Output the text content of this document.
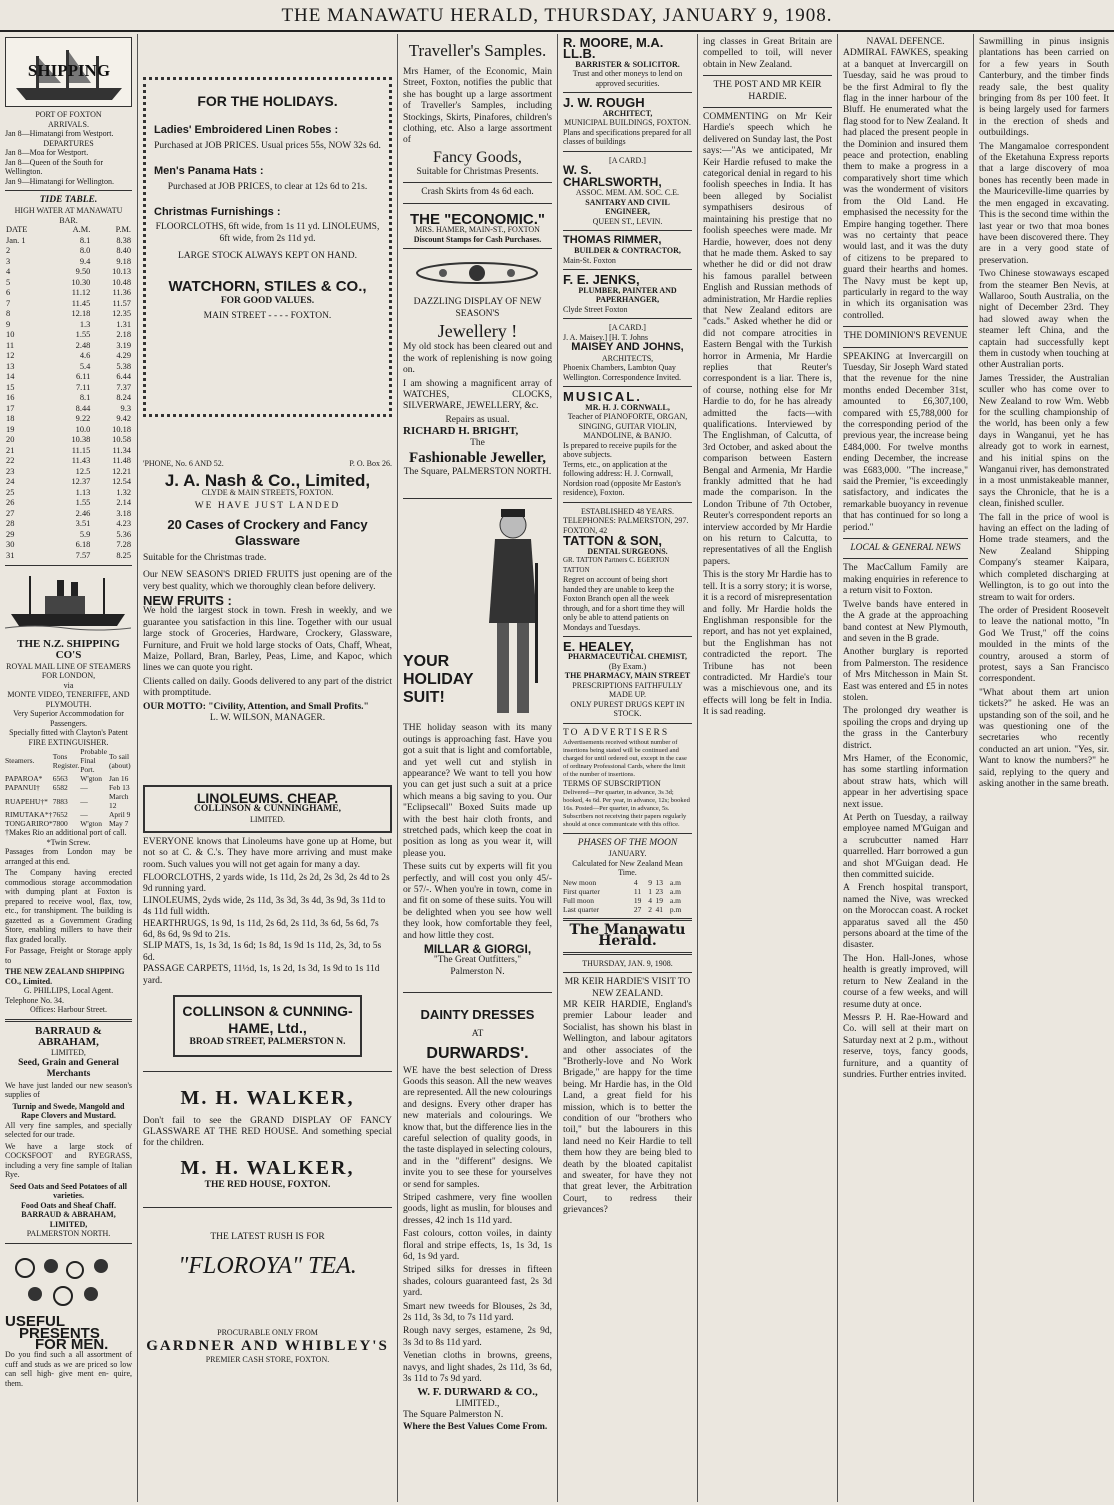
THE MANAWATU HERALD, THURSDAY, JANUARY 9, 1908.
SHIPPING
PORT OF FOXTON
ARRIVALS.
Jan 8—Himatangi from Westport.
DEPARTURES
Jan 8—Moa for Westport.
Jan 8—Queen of the South for Wellington.
Jan 9—Himatangi for Wellington.
TIDE TABLE.
HIGH WATER AT MANAWATU BAR.
DATE	A.M.	P.M.
Jan. 1	8.1	8.38
2	8.0	8.40
3	9.4	9.18
4	9.50	10.13
5	10.30	10.48
6	11.12	11.36
7	11.45	11.57
8	12.18	12.35
9	1.3	1.31
10	1.55	2.18
11	2.48	3.19
12	4.6	4.29
13	5.4	5.38
14	6.11	6.44
15	7.11	7.37
16	8.1	8.24
17	8.44	9.3
18	9.22	9.42
19	10.0	10.18
20	10.38	10.58
21	11.15	11.34
22	11.43	11.48
23	12.5	12.21
24	12.37	12.54
25	1.13	1.32
26	1.55	2.14
27	2.46	3.18
28	3.51	4.23
29	5.9	5.36
30	6.18	7.28
31	7.57	8.25
THE N.Z. SHIPPING CO'S
ROYAL MAIL LINE OF STEAMERS FOR LONDON,
via
MONTE VIDEO, TENERIFFE, AND PLYMOUTH.
Very Superior Accommodation for Passengers.
Specially fitted with Clayton's Patent FIRE EXTINGUISHER.
Steamers.	Tons Register.	Probable Final Port.	To sail (about)
PAPAROA*	6563	W'gton	Jan 16
PAPANUI†	6582	—	Feb 13
RUAPEHU†*	7883	—	March 12
RIMUTAKA*†	7652	—	April 9
TONGARIRO*	7800	W'gton	May 7
†Makes Rio an additional port of call.
*Twin Screw.

Passages from London may be arranged at this end.

The Company having erected commodious storage accommodation with dumping plant at Foxton is prepared to receive wool, flax, tow, etc., for transhipment. The building is gazetted as a Government Grading Store, enabling millers to have their flax graded locally.

For Passage, Freight or Storage apply to

THE NEW ZEALAND SHIPPING CO., Limited.
G. PHILLIPS, Local Agent.
Telephone No. 34.
Offices: Harbour Street.
BARRAUD & ABRAHAM,
LIMITED,
Seed, Grain and General Merchants

We have just landed our new season's supplies of

Turnip and Swede, Mangold and Rape Clovers and Mustard.

All very fine samples, and specially selected for our trade.

We have a large stock of COCKSFOOT and RYEGRASS, including a very fine sample of Italian Rye.

Seed Oats and Seed Potatoes of all varieties.
Food Oats and Sheaf Chaff.
BARRAUD & ABRAHAM, LIMITED,
PALMERSTON NORTH.
USEFUL
PRESENTS
FOR MEN.

Do you find such a all assortment of cuff and studs as we are priced so low can sell high- give ment en- quire, them.

FOR THE HOLIDAYS.
Ladies' Embroidered Linen Robes :
Purchased at JOB PRICES. Usual prices 55s, NOW 32s 6d.
Men's Panama Hats :
Purchased at JOB PRICES, to clear at 12s 6d to 21s.
Christmas Furnishings :
FLOORCLOTHS, 6ft wide, from 1s 11 yd. LINOLEUMS, 6ft wide, from 2s 11d yd.
LARGE STOCK ALWAYS KEPT ON HAND.
WATCHORN, STILES & CO.,
FOR GOOD VALUES.
MAIN STREET - - - - FOXTON.
'PHONE, No. 6 AND 52.	P. O. Box 26.
J. A. Nash & Co., Limited,
CLYDE & MAIN STREETS, FOXTON.
WE HAVE JUST LANDED
20 Cases of Crockery and Fancy Glassware
Suitable for the Christmas trade.

Our NEW SEASON'S DRIED FRUITS just opening are of the very best quality, which we thoroughly clean before delivery.

NEW FRUITS :

We hold the largest stock in town. Fresh in weekly, and we guarantee you satisfaction in this line. Together with our usual large stock of Groceries, Hardware, Crockery, Glassware, Furniture, and Fruit we hold large stocks of Oats, Chaff, Wheat, Maize, Pollard, Bran, Barley, Peas, Lime, and Kapoc, which lines we can quote you right.

Clients called on daily. Goods delivered to any part of the district with promptitude.

OUR MOTTO: "Civility, Attention, and Small Profits."
L. W. WILSON, MANAGER.
LINOLEUMS. CHEAP.
COLLINSON & CUNNINGHAME,
LIMITED.

EVERYONE knows that Linoleums have gone up at Home, but not so at C. & C.'s. They have more arriving and must make room. Such values you will not get again for many a day.

FLOORCLOTHS, 2 yards wide, 1s 11d, 2s 2d, 2s 3d, 2s 4d to 2s 9d running yard.
LINOLEUMS, 2yds wide, 2s 11d, 3s 3d, 3s 4d, 3s 9d, 3s 11d to 4s 11d full width.
HEARTHRUGS, 1s 9d, 1s 11d, 2s 6d, 2s 11d, 3s 6d, 5s 6d, 7s 6d, 8s 6d, 9s 9d to 21s.
SLIP MATS, 1s, 1s 3d, 1s 6d; 1s 8d, 1s 9d 1s 11d, 2s, 3d, to 5s 6d.
PASSAGE CARPETS, 11½d, 1s, 1s 2d, 1s 3d, 1s 9d to 1s 11d yard.
COLLINSON & CUNNING-HAME, Ltd.,
BROAD STREET, PALMERSTON N.
M. H. WALKER,

Don't fail to see the GRAND DISPLAY OF FANCY GLASSWARE AT THE RED HOUSE. And something special for the children.

M. H. WALKER,
THE RED HOUSE, FOXTON.
THE LATEST RUSH IS FOR
"FLOROYA" TEA.
PROCURABLE ONLY FROM
GARDNER AND WHIBLEY'S
PREMIER CASH STORE, FOXTON.
Traveller's Samples.

Mrs Hamer, of the Economic, Main Street, Foxton, notifies the public that she has bought up a large assortment of Traveller's Samples, including Stockings, Skirts, Pinafores, children's clothing, etc. Also a large assortment of

Fancy Goods,
Suitable for Christmas Presents.
Crash Skirts from 4s 6d each.
THE "ECONOMIC."
MRS. HAMER, MAIN-ST., FOXTON
Discount Stamps for Cash Purchases.
DAZZLING DISPLAY OF NEW SEASON'S
Jewellery !

My old stock has been cleared out and the work of replenishing is now going on.

I am showing a magnificent array of WATCHES, CLOCKS, SILVERWARE, JEWELLERY, &c.

Repairs as usual.
RICHARD H. BRIGHT,
The
Fashionable Jeweller,
The Square, PALMERSTON NORTH.
YOUR HOLIDAY SUIT!

THE holiday season with its many outings is approaching fast. Have you got a suit that is light and comfortable, and yet well cut and stylish in appearance? We want to tell you how you can get just such a suit at a price which means a big saving to you. Our "Eclipsecall" Boxed Suits made up with the best hair cloth fronts, and stretched pads, which keep the coat in position as long as you wear it, will please you.

These suits cut by experts will fit you perfectly, and will cost you only 45/- or 57/-. When you're in town, come in and fit on some of these suits. You will be delighted when you see how well they look, how comfortable they feel, and how little they cost.

MILLAR & GIORGI,
"The Great Outfitters,"
Palmerston N.
DAINTY DRESSES
AT
DURWARDS'.

WE have the best selection of Dress Goods this season. All the new weaves are represented. All the new colourings and designs. Every other draper has new materials and colourings. We know that, but the difference lies in the careful selection of quality goods, in the taste displayed in selecting colours, and in the "different" designs. We invite you to see these for yourselves or send for samples.

Striped cashmere, very fine woollen goods, light as muslin, for blouses and dresses, 42 inch 1s 11d yard.

Fast colours, cotton voiles, in dainty floral and stripe effects, 1s, 1s 3d, 1s 6d, 1s 9d yard.

Striped silks for dresses in fifteen shades, colours guaranteed fast, 2s 3d yard.

Smart new tweeds for Blouses, 2s 3d, 2s 11d, 3s 3d, to 7s 11d yard.

Rough navy serges, estamene, 2s 9d, 3s 3d to 8s 11d yard.

Venetian cloths in browns, greens, navys, and light shades, 2s 11d, 3s 6d, 3s 11d to 7s 9d yard.

W. F. DURWARD & CO.,
LIMITED.,
The Square Palmerston N.
Where the Best Values Come From.
R. MOORE, M.A. LL.B.
BARRISTER & SOLICITOR.
Trust and other moneys to lend on approved securities.
J. W. ROUGH
ARCHITECT,
MUNICIPAL BUILDINGS, FOXTON.
Plans and specifications prepared for all classes of buildings
[A CARD.]
W. S. CHARLSWORTH,
ASSOC. MEM. AM. SOC. C.E.
SANITARY AND CIVIL ENGINEER,
QUEEN ST., LEVIN.
THOMAS RIMMER,
BUILDER & CONTRACTOR,
Main-St. Foxton
F. E. JENKS,
PLUMBER, PAINTER AND PAPERHANGER,
Clyde Street Foxton
[A CARD.]
J. A. Maisey.] [H. T. Johns
MAISEY AND JOHNS,
ARCHITECTS,
Phoenix Chambers, Lambton Quay Wellington. Correspondence Invited.
MUSICAL.
MR. H. J. CORNWALL,
Teacher of PIANOFORTE, ORGAN, SINGING, GUITAR VIOLIN, MANDOLINE, & BANJO.
Is prepared to receive pupils for the above subjects.
Terms, etc., on application at the following address: H. J. Cornwall, Nordsion road (opposite Mr Easton's residence), Foxton.
ESTABLISHED 48 YEARS.
TELEPHONES: PALMERSTON, 297. FOXTON, 42
TATTON & SON,
DENTAL SURGEONS.
GR. TATTON Partners C. EGERTON TATTON
Regret on account of being short handed they are unable to keep the Foxton Branch open all the week through, and for a short time they will only be able to attend patients on Mondays and Tuesdays.
E. HEALEY,
PHARMACEUTICAL CHEMIST,
(By Exam.)
THE PHARMACY, MAIN STREET
PRESCRIPTIONS FAITHFULLY MADE UP.
ONLY PUREST DRUGS KEPT IN STOCK.
TO ADVERTISERS
Advertisements received without number of insertions being stated will be continued and charged for until ordered out, except in the case of ordinary Professional Cards, where the limit of the number of insertions.
TERMS OF SUBSCRIPTION
Delivered—Per quarter, in advance, 3s 3d; booked, 4s 6d. Per year, in advance, 12s; booked 16s. Posted—Per quarter, in advance, 5s.
Subscribers not receiving their papers regularly should at once communicate with this office.
PHASES OF THE MOON
JANUARY.
Calculated for New Zealand Mean Time.
New moon	4	9	13	a.m
First quarter	11	1	23	a.m
Full moon	19	4	19	a.m
Last quarter	27	2	41	p.m
The Manawatu Herald.
THURSDAY, JAN. 9, 1908.
MR KEIR HARDIE'S VISIT TO NEW ZEALAND.

MR KEIR HARDIE, England's premier Labour leader and Socialist, has shown his blast in Wellington, and labour agitators and other associates of the "Brotherly-love and No Work Brigade," are happy for the time being. Mr Hardie has, in the Old Land, a great field for his mission, which is to better the condition of our "brothers who toil," but the labourers in this land need no Keir Hardie to tell them how they are being bled to death by the bloated capitalist and sweater, for have they not that great lever, the Arbitration Court, to redress their grievances?

ing classes in Great Britain are compelled to toil, will never obtain in New Zealand.

THE POST AND MR KEIR HARDIE.

COMMENTING on Mr Keir Hardie's speech which he delivered on Sunday last, the Post says:—"As we anticipated, Mr Keir Hardie refused to make the categorical denial in regard to his foolish speeches in India. It has been alleged by Socialist sympathisers desirous of maintaining his prestige that no foolish speeches were made. Mr Hardie, however, does not deny that he made them. Asked to say whether he did or did not draw his famous parallel between English and Russian methods of administration, Mr Hardie replies that New Zealand editors are "cads." Asked whether he did or did not compare atrocities in Eastern Bengal with the Turkish horror in Armenia, Mr Hardie replies that Reuter's correspondent is a liar. There is, of course, nothing else for Mr Hardie to do, for he has already admitted the facts—with qualifications. Interviewed by The Englishman, of Calcutta, of 3rd October, and asked about the comparison between Eastern Bengal and Armenia, Mr Hardie frankly admitted that he had made the comparison. In the London Tribune of 7th October, Reuter's correspondent reports an interview accorded by Mr Hardie on his return to Calcutta, to representatives of all the English papers.

This is the story Mr Hardie has to tell. It is a sorry story; it is worse, it is a record of misrepresentation and folly. Mr Hardie holds the Englishman responsible for the report, and has not yet explained, but the Englishman has not contradicted the report. The Tribune has not been contradicted. Mr Hardie's tour was a mischievous one, and its effects will long be felt in India. It is sad reading.

NAVAL DEFENCE.

ADMIRAL FAWKES, speaking at a banquet at Invercargill on Tuesday, said he was proud to be the first Admiral to fly the flag in the inner harbour of the Bluff. He enumerated what the flag stood for to New Zealand. It had placed the present people in the Dominion and insured them peace and protection, enabling them to make a progress in a comparatively short time which was the wonderment of visitors from the Old Land. He emphasised the necessity for the Empire hanging together. There was no certainty that peace would last, and it was the duty of citizens to be prepared to guard their hearths and homes. The Navy must be kept up, particularly in regard to the way in which its organisation was controlled.

THE DOMINION'S REVENUE

SPEAKING at Invercargill on Tuesday, Sir Joseph Ward stated that the revenue for the nine months ended December 31st, amounted to £6,307,100, compared with £5,788,000 for the corresponding period of the previous year, the increase being £484,000. For twelve months ending December, the increase was £683,000. "The increase," said the Premier, "is exceedingly satisfactory, and indicates the remarkable buoyancy in revenue that has continued for so long a period."

LOCAL & GENERAL NEWS

The MacCallum Family are making enquiries in reference to a return visit to Foxton.

Twelve bands have entered in the A grade at the approaching band contest at New Plymouth, and seven in the B grade.

Another burglary is reported from Palmerston. The residence of Mrs Mitchesson in Main St. East was entered and £5 in notes stolen.

The prolonged dry weather is spoiling the crops and drying up the grass in the Canterbury district.

Mrs Hamer, of the Economic, has some startling information about straw hats, which will appear in her advertising space next issue.

At Perth on Tuesday, a railway employee named M'Guigan and a scrubcutter named Harr quarrelled. Harr borrowed a gun and shot M'Guigan dead. He then committed suicide.

A French hospital transport, named the Nive, was wrecked on the Moroccan coast. A rocket apparatus saved all the 450 persons aboard at the time of the disaster.

The Hon. Hall-Jones, whose health is greatly improved, will return to New Zealand in the course of a few weeks, and will resume duty at once.

Messrs P. H. Rae-Howard and Co. will sell at their mart on Saturday next at 2 p.m., without reserve, toys, fancy goods, furniture, and a quantity of sundries. Further entries invited.

Sawmilling in pinus insignis plantations has been carried on for a few years in South Canterbury, and the timber finds ready sale, the best quality bringing from 8s per 100 feet. It is being largely used for farmers in the erection of sheds and outbuildings.

The Mangamaloe correspondent of the Eketahuna Express reports that a large discovery of moa bones has recently been made in the Mauriceville-lime quarries by the men engaged in excavating. This is the second time within the last year or two that moa bones have been discovered there. They are in a very good state of preservation.

Two Chinese stowaways escaped from the steamer Ben Nevis, at Wallaroo, South Australia, on the night of December 23rd. They had slowed away when the steamer left China, and the captain had successfully kept them in custody when touching at other Australian ports.

James Tressider, the Australian sculler who has come over to New Zealand to row Wm. Webb for the sculling championship of the world, has been only a few days in Wanganui, yet he has already got to work in earnest, and his initial spins on the Wanganui river, has demonstrated in a most unmistakeable manner, says the Chronicle, that he is a clean, finished sculler.

The fall in the price of wool is having an effect on the lading of Home trade steamers, and the New Zealand Shipping Company's steamer Kaipara, which completed discharging at Wellington, is to go out into the stream to wait for orders.

The order of President Roosevelt to leave the national motto, "In God We Trust," off the coins moulded in the mints of the country, aroused a storm of protest, says a San Francisco correspondent.

"What about them art union tickets?" he asked. He was an upstanding son of the soil, and he was questioning one of the secretaries who recently conducted an art union. "Yes, sir. Want to know the numbers?" he said, replying to the query and asking another in the same breath.
